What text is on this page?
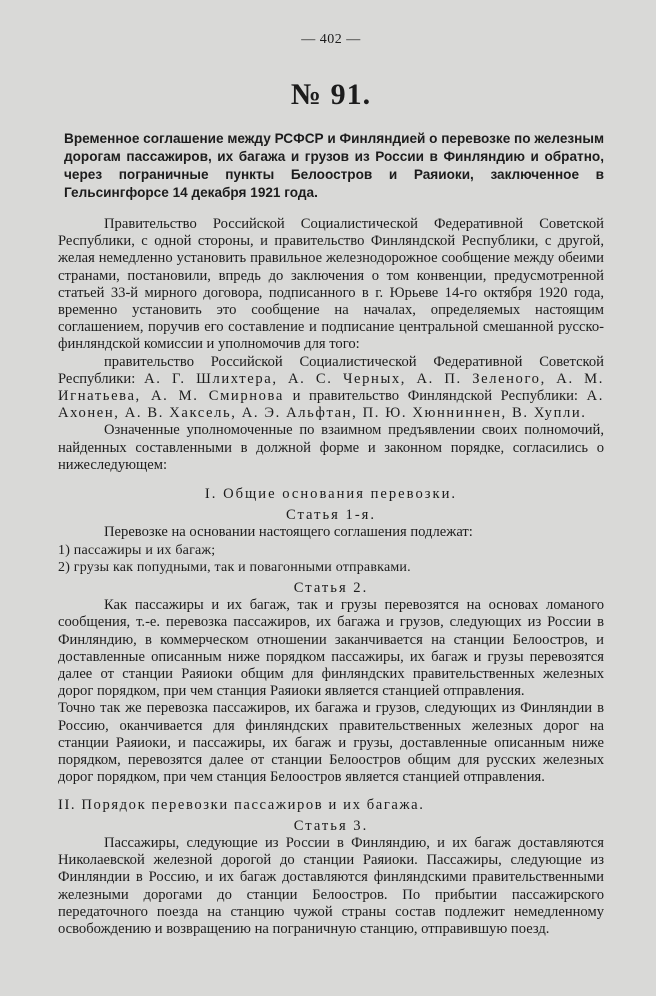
— 402 —
№ 91.

Временное соглашение между РСФСР и Финляндией о перевозке по железным дорогам пассажиров, их багажа и грузов из России в Финляндию и обратно, через пограничные пункты Белоостров и Раяиоки, заключенное в Гельсингфорсе 14 декабря 1921 года.

Правительство Российской Социалистической Федеративной Советской Республики, с одной стороны, и правительство Финляндской Республики, с другой, желая немедленно установить правильное железнодорожное сообщение между обеими странами, постановили, впредь до заключения о том конвенции, предусмотренной статьей 33-й мирного договора, подписанного в г. Юрьеве 14-го октября 1920 года, временно установить это сообщение на началах, определяемых настоящим соглашением, поручив его составление и подписание центральной смешанной русско-финляндской комиссии и уполномочив для того:

правительство Российской Социалистической Федеративной Советской Республики: А. Г. Шлихтера, А. С. Черных, А. П. Зеленого, А. М. Игнатьева, А. М. Смирнова и правительство Финляндской Республики: А. Ахонен, А. В. Хаксель, А. Э. Альфтан, П. Ю. Хюнниннен, В. Хупли.

Означенные уполномоченные по взаимном предъявлении своих полномочий, найденных составленными в должной форме и законном порядке, согласились о нижеследующем:

I. Общие основания перевозки.
Статья 1-я.

Перевозке на основании настоящего соглашения подлежат:

1) пассажиры и их багаж;
2) грузы как попудными, так и повагонными отправками.
Статья 2.

Как пассажиры и их багаж, так и грузы перевозятся на основах ломаного сообщения, т.-е. перевозка пассажиров, их багажа и грузов, следующих из России в Финляндию, в коммерческом отношении заканчивается на станции Белоостров, и доставленные описанным ниже порядком пассажиры, их багаж и грузы перевозятся далее от станции Раяиоки общим для финляндских правительственных железных дорог порядком, при чем станция Раяиоки является станцией отправления.

Точно так же перевозка пассажиров, их багажа и грузов, следующих из Финляндии в Россию, оканчивается для финляндских правительственных железных дорог на станции Раяиоки, и пассажиры, их багаж и грузы, доставленные описанным ниже порядком, перевозятся далее от станции Белоостров общим для русских железных дорог порядком, при чем станция Белоостров является станцией отправления.

II. Порядок перевозки пассажиров и их багажа.
Статья 3.

Пассажиры, следующие из России в Финляндию, и их багаж доставляются Николаевской железной дорогой до станции Раяиоки. Пассажиры, следующие из Финляндии в Россию, и их багаж доставляются финляндскими правительственными железными дорогами до станции Белоостров. По прибытии пассажирского передаточного поезда на станцию чужой страны состав подлежит немедленному освобождению и возвращению на пограничную станцию, отправившую поезд.
